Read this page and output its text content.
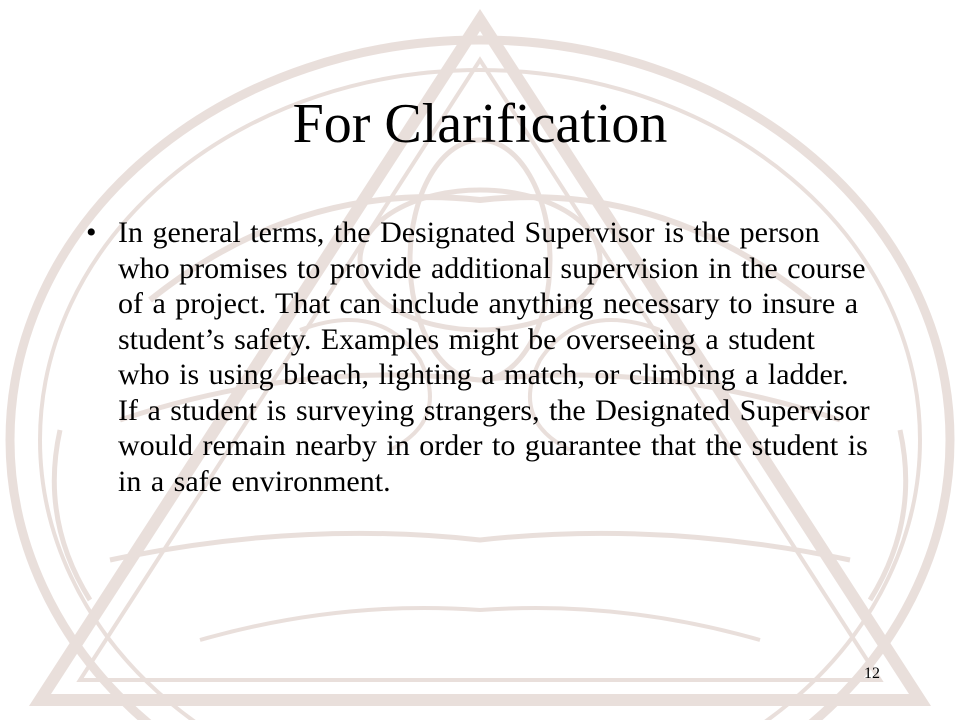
For Clarification
• In general terms, the Designated Supervisor is the person who promises to provide additional supervision in the course of a project. That can include anything necessary to insure a student’s safety. Examples might be overseeing a student who is using bleach, lighting a match, or climbing a ladder. If a student is surveying strangers, the Designated Supervisor would remain nearby in order to guarantee that the student is in a safe environment.
12
